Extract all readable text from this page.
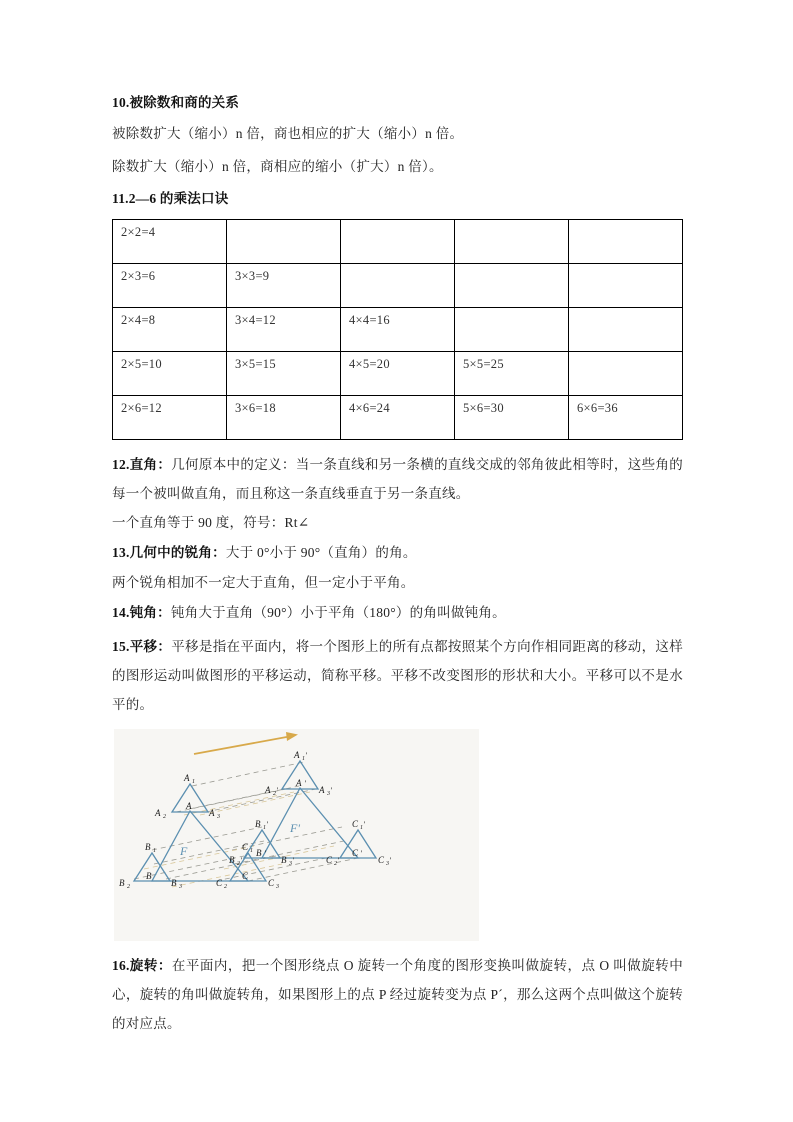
10.被除数和商的关系

被除数扩大（缩小）n 倍，商也相应的扩大（缩小）n 倍。

除数扩大（缩小）n 倍，商相应的缩小（扩大）n 倍）。

11.2—6 的乘法口诀

2×2=4				
2×3=6	3×3=9			
2×4=8	3×4=12	4×4=16		
2×5=10	3×5=15	4×5=20	5×5=25	
2×6=12	3×6=18	4×6=24	5×6=30	6×6=36

12.直角：几何原本中的定义：当一条直线和另一条横的直线交成的邻角彼此相等时，这些角的每一个被叫做直角，而且称这一条直线垂直于另一条直线。

一个直角等于 90 度，符号：Rt∠

13.几何中的锐角：大于 0°小于 90°（直角）的角。

两个锐角相加不一定大于直角，但一定小于平角。

14.钝角：钝角大于直角（90°）小于平角（180°）的角叫做钝角。

15.平移：平移是指在平面内，将一个图形上的所有点都按照某个方向作相同距离的移动，这样的图形运动叫做图形的平移运动，简称平移。平移不改变图形的形状和大小。平移可以不是水平的。

A 1
A 2	A 3
A
B 1
B 2	B 3
B
C 1
C 2	C 3
C
F
A 1 '
A 2 '	A 3 '
A '
B 1 '
B 2 '	B 3 '
B '
C 1 '
C 2 '	C 3 '
C '
F'

16.旋转：在平面内，把一个图形绕点 O 旋转一个角度的图形变换叫做旋转，点 O 叫做旋转中心，旋转的角叫做旋转角，如果图形上的点 P 经过旋转变为点 P´，那么这两个点叫做这个旋转的对应点。
